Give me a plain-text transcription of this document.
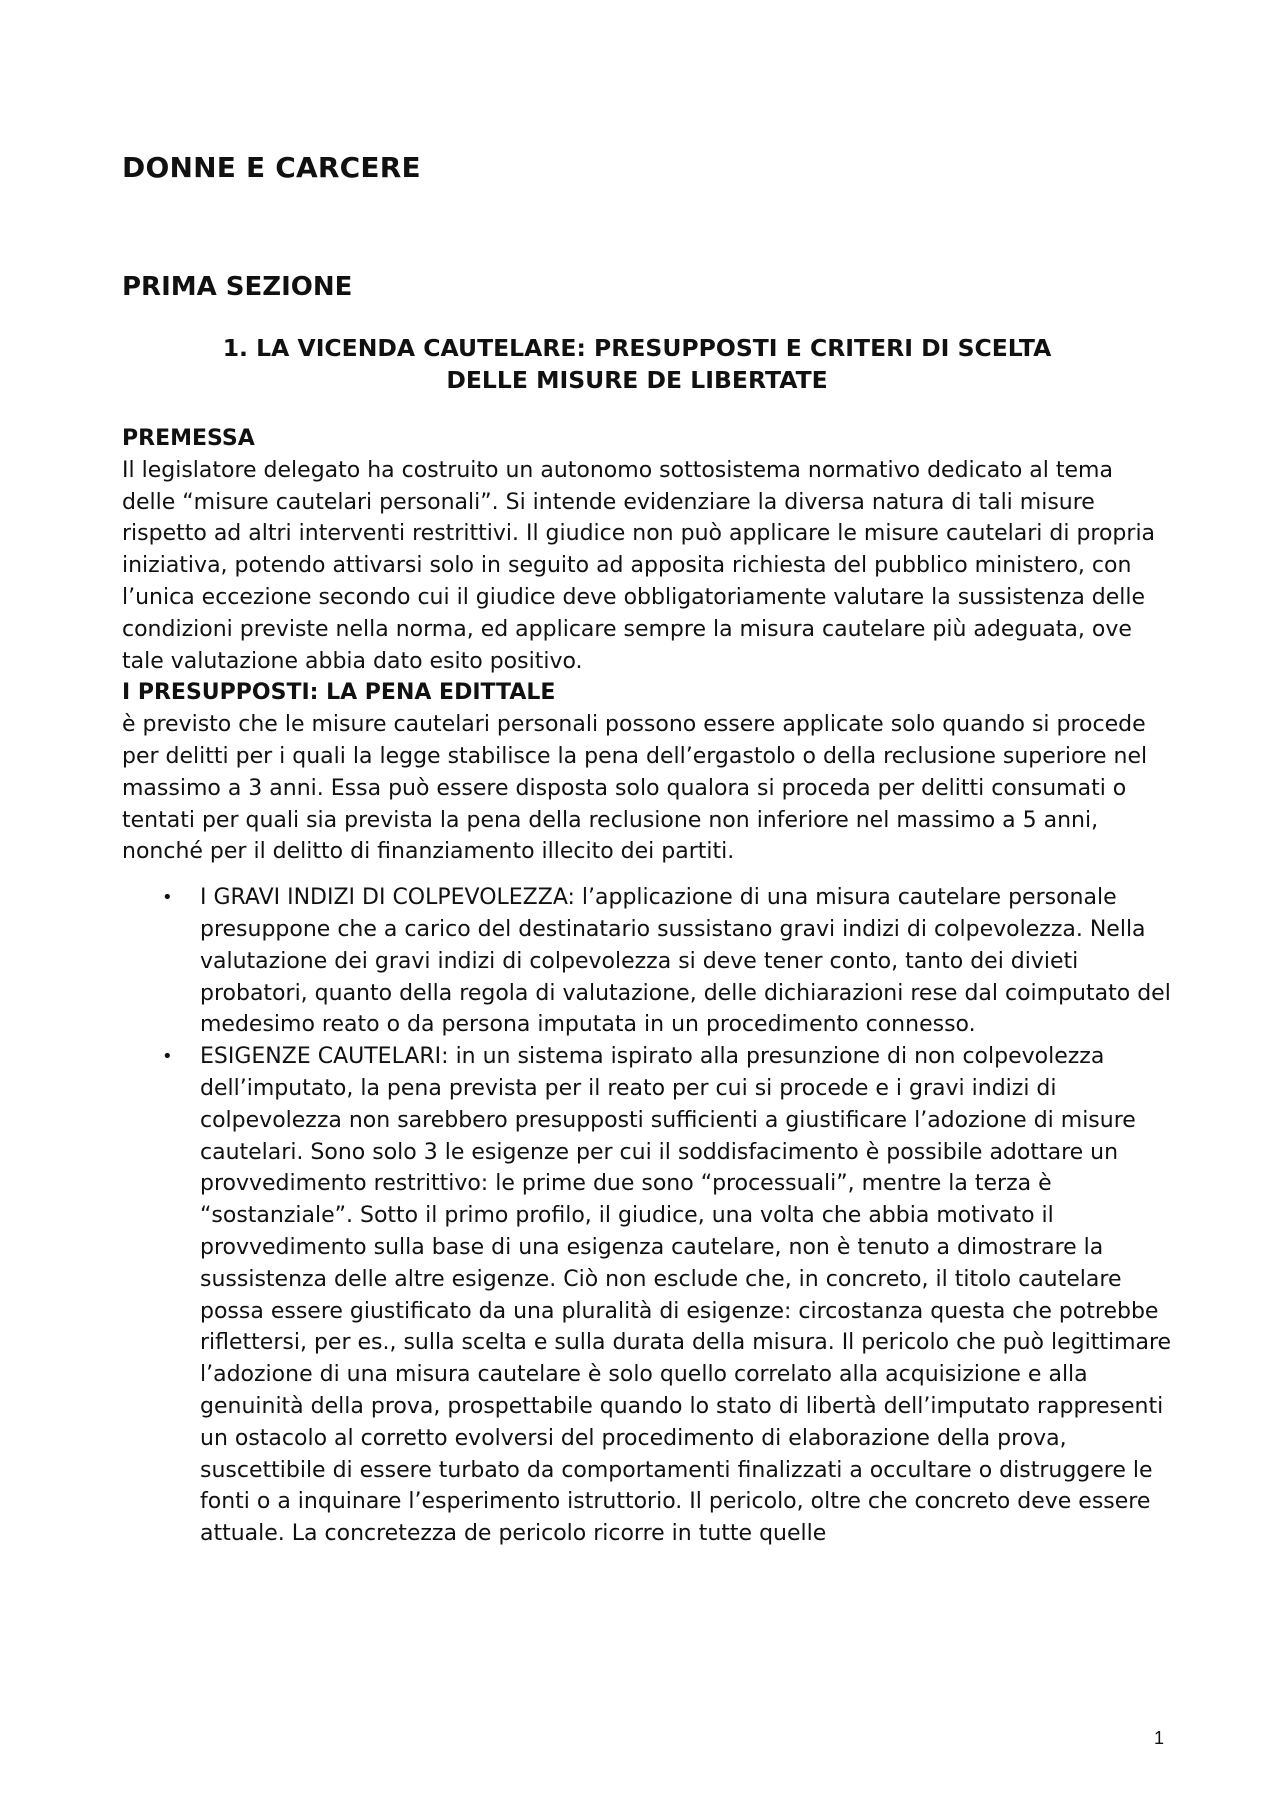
DONNE E CARCERE
PRIMA SEZIONE
1. LA VICENDA CAUTELARE: PRESUPPOSTI E CRITERI DI SCELTA
DELLE MISURE DE LIBERTATE

PREMESSA

Il legislatore delegato ha costruito un autonomo sottosistema normativo dedicato al tema delle “misure cautelari personali”. Si intende evidenziare la diversa natura di tali misure rispetto ad altri interventi restrittivi. Il giudice non può applicare le misure cautelari di propria iniziativa, potendo attivarsi solo in seguito ad apposita richiesta del pubblico ministero, con l’unica eccezione secondo cui il giudice deve obbligatoriamente valutare la sussistenza delle condizioni previste nella norma, ed applicare sempre la misura cautelare più adeguata, ove tale valutazione abbia dato esito positivo.

I PRESUPPOSTI: LA PENA EDITTALE

è previsto che le misure cautelari personali possono essere applicate solo quando si procede per delitti per i quali la legge stabilisce la pena dell’ergastolo o della reclusione superiore nel massimo a 3 anni. Essa può essere disposta solo qualora si proceda per delitti consumati o tentati per quali sia prevista la pena della reclusione non inferiore nel massimo a 5 anni, nonché per il delitto di finanziamento illecito dei partiti.

• I GRAVI INDIZI DI COLPEVOLEZZA: l’applicazione di una misura cautelare personale presuppone che a carico del destinatario sussistano gravi indizi di colpevolezza. Nella valutazione dei gravi indizi di colpevolezza si deve tener conto, tanto dei divieti probatori, quanto della regola di valutazione, delle dichiarazioni rese dal coimputato del medesimo reato o da persona imputata in un procedimento connesso.
• ESIGENZE CAUTELARI: in un sistema ispirato alla presunzione di non colpevolezza dell’imputato, la pena prevista per il reato per cui si procede e i gravi indizi di colpevolezza non sarebbero presupposti sufficienti a giustificare l’adozione di misure cautelari. Sono solo 3 le esigenze per cui il soddisfacimento è possibile adottare un provvedimento restrittivo: le prime due sono “processuali”, mentre la terza è “sostanziale”. Sotto il primo profilo, il giudice, una volta che abbia motivato il provvedimento sulla base di una esigenza cautelare, non è tenuto a dimostrare la sussistenza delle altre esigenze. Ciò non esclude che, in concreto, il titolo cautelare possa essere giustificato da una pluralità di esigenze: circostanza questa che potrebbe riflettersi, per es., sulla scelta e sulla durata della misura. Il pericolo che può legittimare l’adozione di una misura cautelare è solo quello correlato alla acquisizione e alla genuinità della prova, prospettabile quando lo stato di libertà dell’imputato rappresenti un ostacolo al corretto evolversi del procedimento di elaborazione della prova, suscettibile di essere turbato da comportamenti finalizzati a occultare o distruggere le fonti o a inquinare l’esperimento istruttorio. Il pericolo, oltre che concreto deve essere attuale. La concretezza de pericolo ricorre in tutte quelle

1
